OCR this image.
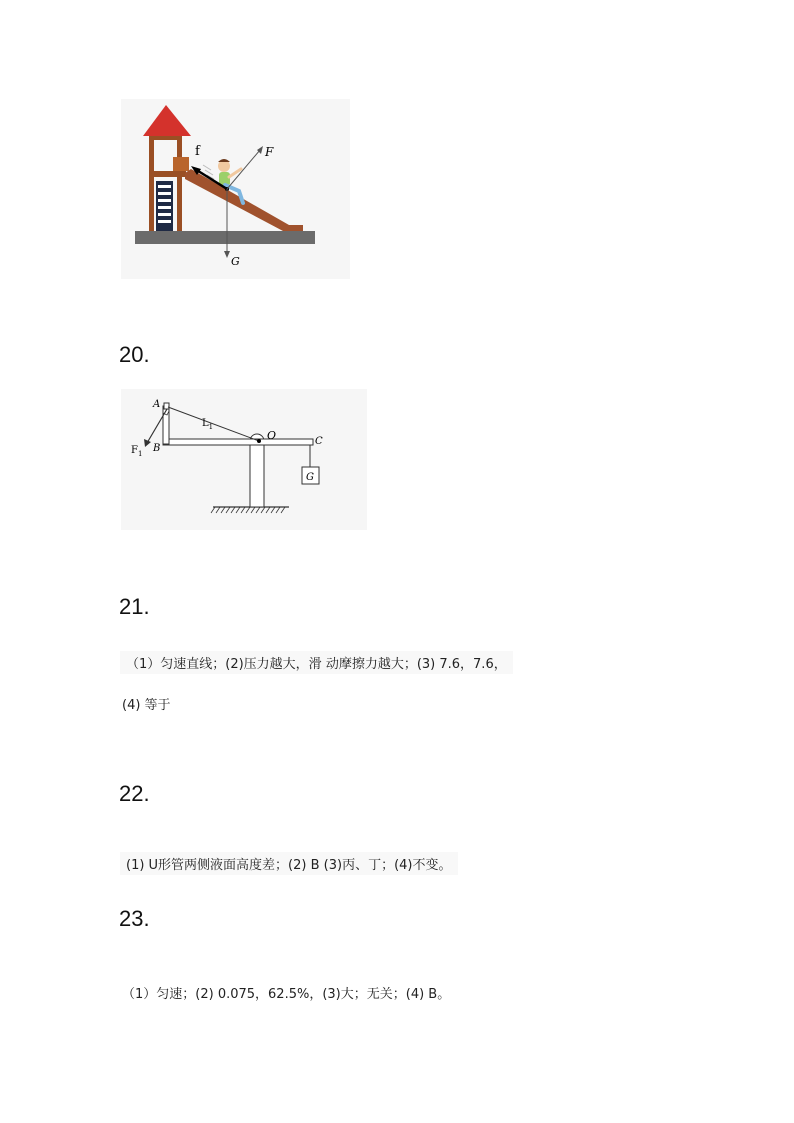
f	F
G
20.
$L_1$
$F_1$
A
B
O	C
G
21.
（1）匀速直线；(2)压力越大，滑 动摩擦力越大；(3) 7.6，7.6，
(4) 等于
22.
(1) U形管两侧液面高度差；(2) B (3)丙、丁；(4)不变。
23.
（1）匀速；(2) 0.075，62.5%，(3)大；无关；(4) B。
